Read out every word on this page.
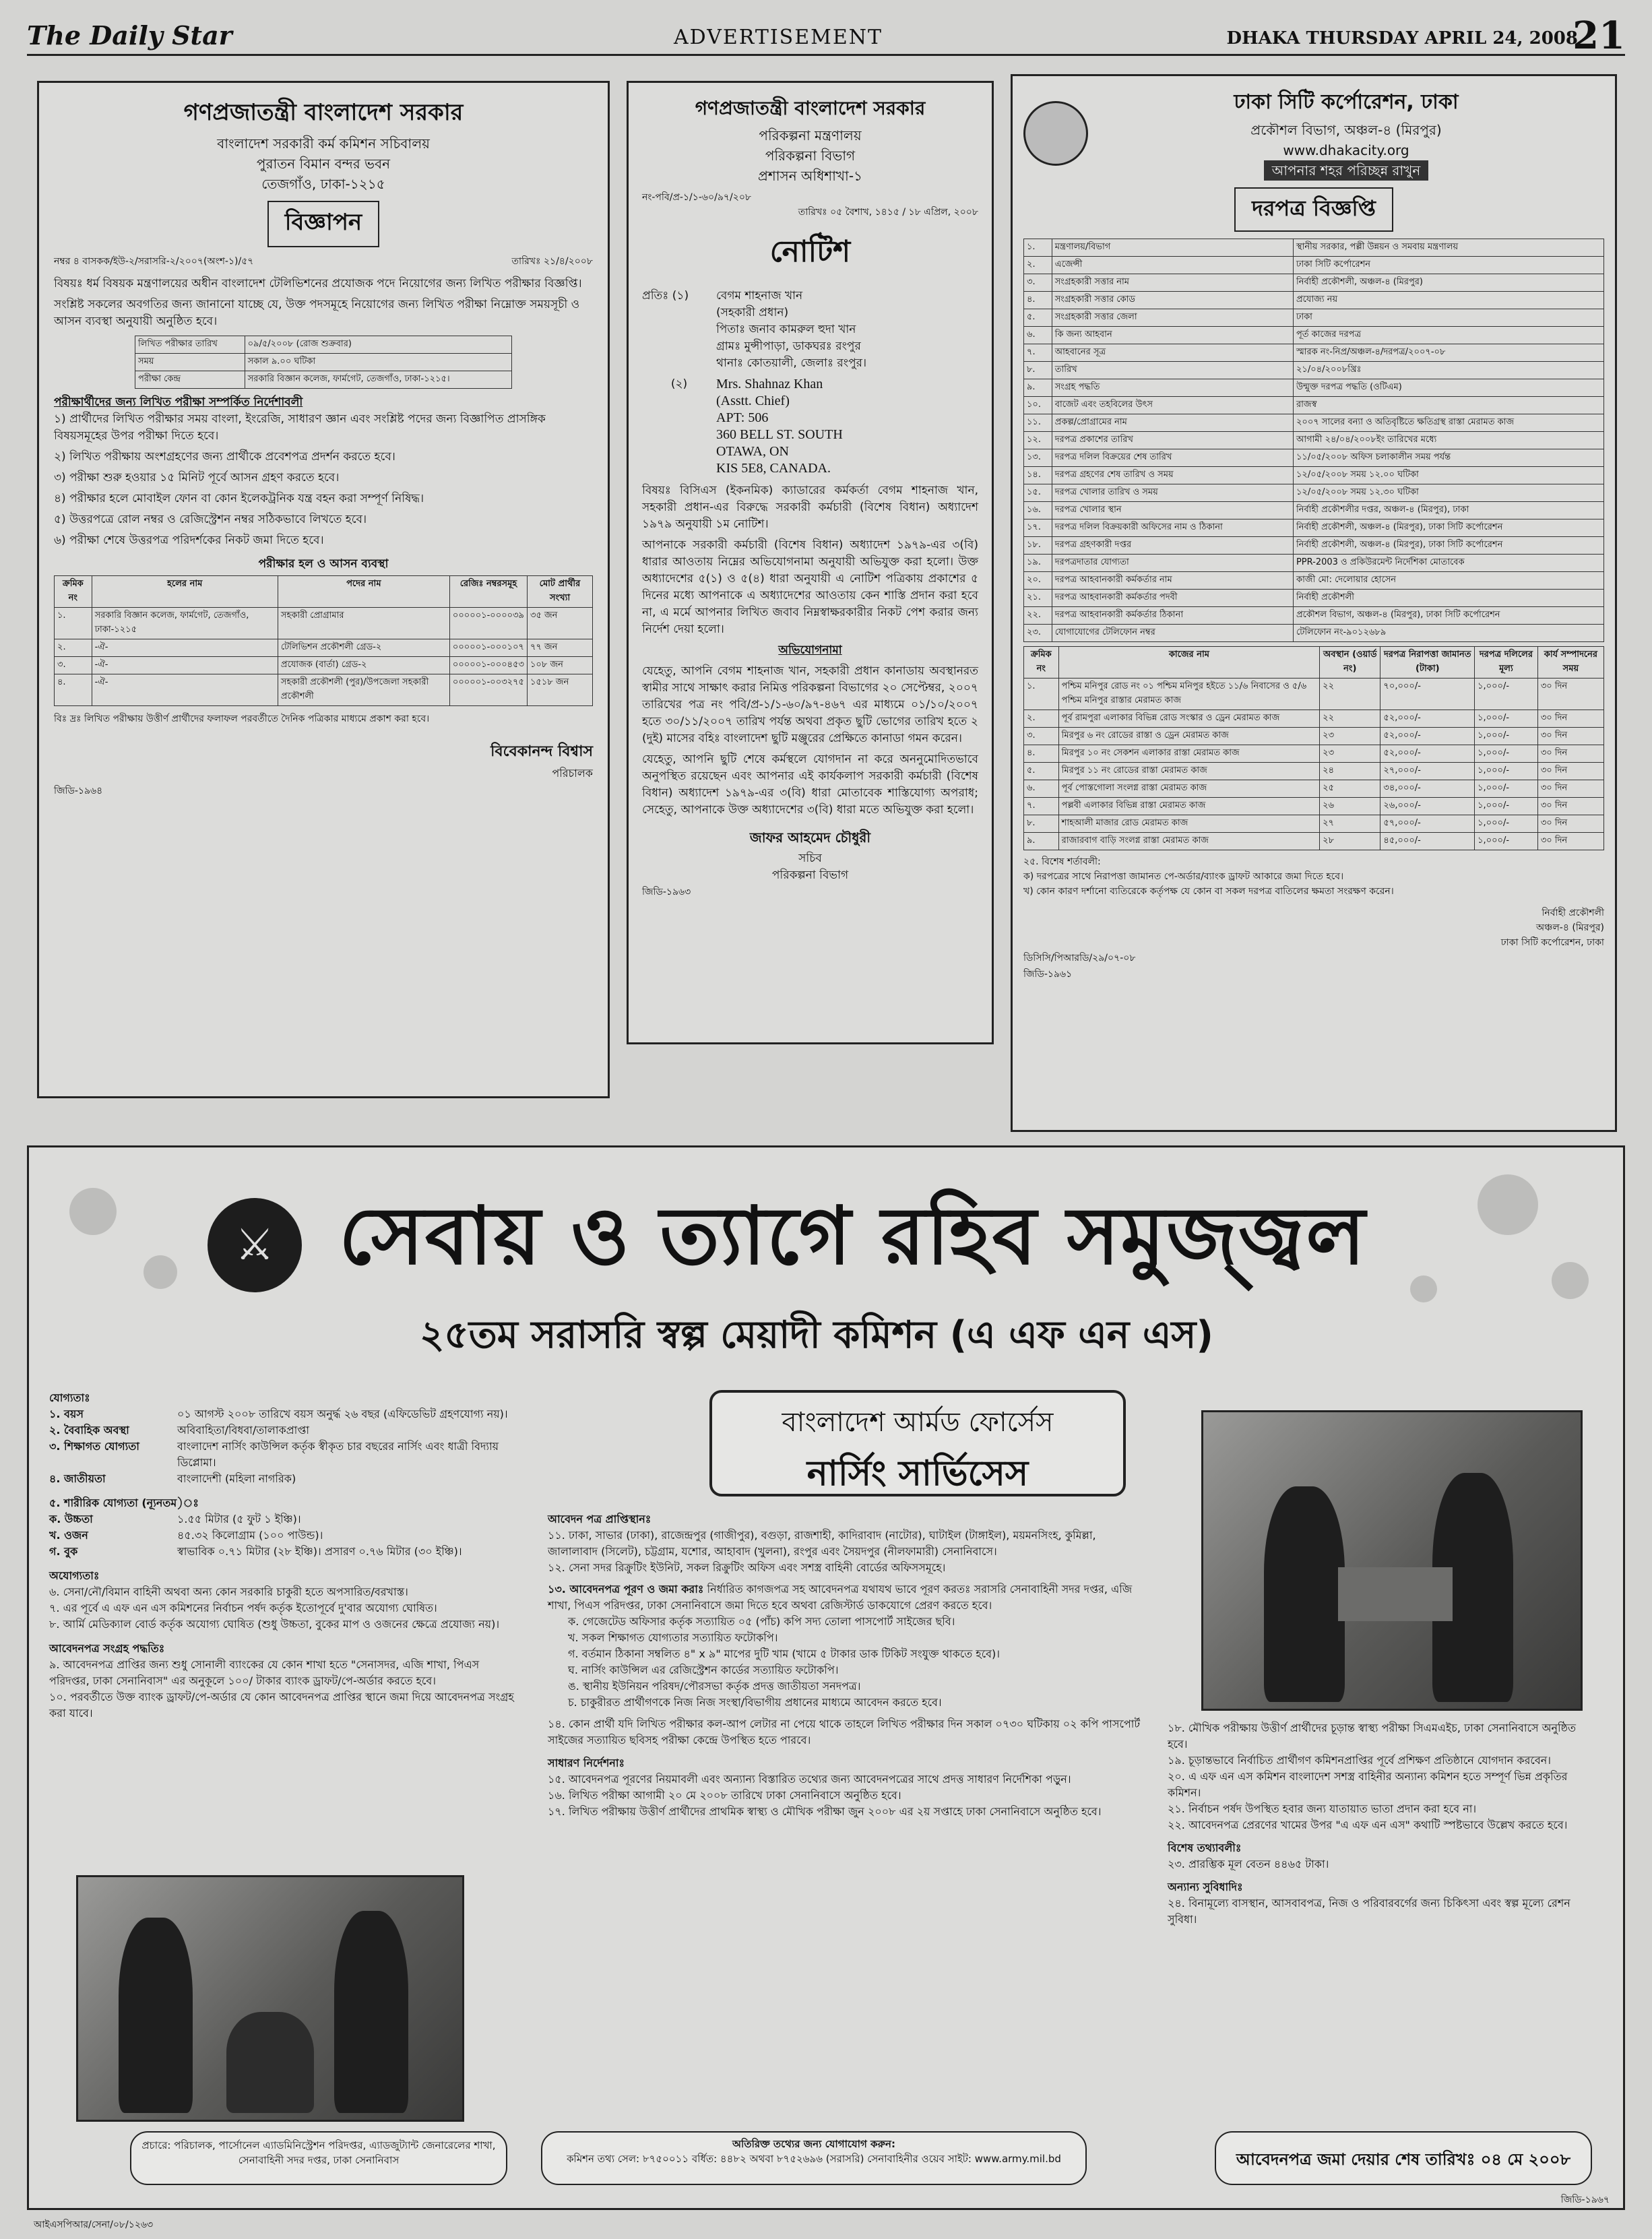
The Daily Star	ADVERTISEMENT	DHAKA THURSDAY APRIL 24, 2008
21
গণপ্রজাতন্ত্রী বাংলাদেশ সরকার
বাংলাদেশ সরকারী কর্ম কমিশন সচিবালয়
পুরাতন বিমান বন্দর ভবন
তেজগাঁও, ঢাকা-১২১৫
বিজ্ঞাপন
নম্বর ৪ বাসকক/ইউ-২/সরাসরি-২/২০০৭(অংশ-১)/৫৭	তারিখঃ ২১/৪/২০০৮

বিষয়ঃ ধর্ম বিষয়ক মন্ত্রণালয়ের অধীন বাংলাদেশ টেলিভিশনের প্রযোজক পদে নিয়োগের জন্য লিখিত পরীক্ষার বিজ্ঞপ্তি।

সংশ্লিষ্ট সকলের অবগতির জন্য জানানো যাচ্ছে যে, উক্ত পদসমূহে নিয়োগের জন্য লিখিত পরীক্ষা নিম্নোক্ত সময়সূচী ও আসন ব্যবস্থা অনুযায়ী অনুষ্ঠিত হবে।

লিখিত পরীক্ষার তারিখ	০৯/৫/২০০৮ (রোজ শুক্রবার)
সময়	সকাল ৯.০০ ঘটিকা
পরীক্ষা কেন্দ্র	সরকারি বিজ্ঞান কলেজ, ফার্মগেট, তেজগাঁও, ঢাকা-১২১৫।
পরীক্ষার্থীদের জন্য লিখিত পরীক্ষা সম্পর্কিত নির্দেশাবলী

১) প্রার্থীদের লিখিত পরীক্ষার সময় বাংলা, ইংরেজি, সাধারণ জ্ঞান এবং সংশ্লিষ্ট পদের জন্য বিজ্ঞাপিত প্রাসঙ্গিক বিষয়সমূহের উপর পরীক্ষা দিতে হবে।

২) লিখিত পরীক্ষায় অংশগ্রহণের জন্য প্রার্থীকে প্রবেশপত্র প্রদর্শন করতে হবে।

৩) পরীক্ষা শুরু হওয়ার ১৫ মিনিট পূর্বে আসন গ্রহণ করতে হবে।

৪) পরীক্ষার হলে মোবাইল ফোন বা কোন ইলেকট্রনিক যন্ত্র বহন করা সম্পূর্ণ নিষিদ্ধ।

৫) উত্তরপত্রে রোল নম্বর ও রেজিস্ট্রেশন নম্বর সঠিকভাবে লিখতে হবে।

৬) পরীক্ষা শেষে উত্তরপত্র পরিদর্শকের নিকট জমা দিতে হবে।

পরীক্ষার হল ও আসন ব্যবস্থা
ক্রমিক নং	হলের নাম	পদের নাম	রেজিঃ নম্বরসমূহ	মোট প্রার্থীর সংখ্যা
১.	সরকারি বিজ্ঞান কলেজ, ফার্মগেট, তেজগাঁও, ঢাকা-১২১৫	সহকারী প্রোগ্রামার	০০০০০১-০০০০৩৯	৩৫ জন
২.	-ঐ-	টেলিভিশন প্রকৌশলী গ্রেড-২	০০০০০১-০০০১০৭	৭৭ জন
৩.	-ঐ-	প্রযোজক (বার্তা) গ্রেড-২	০০০০০১-০০০৪৫৩	১০৮ জন
৪.	-ঐ-	সহকারী প্রকৌশলী (পুর)/উপজেলা সহকারী প্রকৌশলী	০০০০০১-০০৩২৭৫	১৫১৮ জন
বিঃ দ্রঃ লিখিত পরীক্ষায় উত্তীর্ণ প্রার্থীদের ফলাফল পরবর্তীতে দৈনিক পত্রিকার মাধ্যমে প্রকাশ করা হবে।
বিবেকানন্দ বিশ্বাস
পরিচালক
জিডি-১৯৬৪
গণপ্রজাতন্ত্রী বাংলাদেশ সরকার
পরিকল্পনা মন্ত্রণালয়
পরিকল্পনা বিভাগ
প্রশাসন অধিশাখা-১
নং-পবি/প্র-১/১-৬০/৯৭/২০৮
তারিখঃ ০৫ বৈশাখ, ১৪১৫ / ১৮ এপ্রিল, ২০০৮
নোটিশ
প্রতিঃ (১)	বেগম শাহনাজ খান
(সহকারী প্রধান)
পিতাঃ জনাব কামরুল হুদা খান
গ্রামঃ মুন্সীপাড়া, ডাকঘরঃ রংপুর
থানাঃ কোতয়ালী, জেলাঃ রংপুর।
(২)	Mrs. Shahnaz Khan
(Asstt. Chief)
APT: 506
360 BELL ST. SOUTH
OTAWA, ON
KIS 5E8, CANADA.

বিষয়ঃ বিসিএস (ইকনমিক) ক্যাডারের কর্মকর্তা বেগম শাহনাজ খান, সহকারী প্রধান-এর বিরুদ্ধে সরকারী কর্মচারী (বিশেষ বিধান) অধ্যাদেশ ১৯৭৯ অনুযায়ী ১ম নোটিশ।

আপনাকে সরকারী কর্মচারী (বিশেষ বিধান) অধ্যাদেশ ১৯৭৯-এর ৩(বি) ধারার আওতায় নিম্নের অভিযোগনামা অনুযায়ী অভিযুক্ত করা হলো। উক্ত অধ্যাদেশের ৫(১) ও ৫(৪) ধারা অনুযায়ী এ নোটিশ পত্রিকায় প্রকাশের ৫ দিনের মধ্যে আপনাকে এ অধ্যাদেশের আওতায় কেন শাস্তি প্রদান করা হবে না, এ মর্মে আপনার লিখিত জবাব নিম্নস্বাক্ষরকারীর নিকট পেশ করার জন্য নির্দেশ দেয়া হলো।

অভিযোগনামা

যেহেতু, আপনি বেগম শাহনাজ খান, সহকারী প্রধান কানাডায় অবস্থানরত স্বামীর সাথে সাক্ষাৎ করার নিমিত্ত পরিকল্পনা বিভাগের ২০ সেপ্টেম্বর, ২০০৭ তারিখের পত্র নং পবি/প্র-১/১-৬০/৯৭-৪৬৭ এর মাধ্যমে ০১/১০/২০০৭ হতে ৩০/১১/২০০৭ তারিখ পর্যন্ত অথবা প্রকৃত ছুটি ভোগের তারিখ হতে ২ (দুই) মাসের বহিঃ বাংলাদেশ ছুটি মঞ্জুরের প্রেক্ষিতে কানাডা গমন করেন।

যেহেতু, আপনি ছুটি শেষে কর্মস্থলে যোগদান না করে অননুমোদিতভাবে অনুপস্থিত রয়েছেন এবং আপনার এই কার্যকলাপ সরকারী কর্মচারী (বিশেষ বিধান) অধ্যাদেশ ১৯৭৯-এর ৩(বি) ধারা মোতাবেক শাস্তিযোগ্য অপরাধ; সেহেতু, আপনাকে উক্ত অধ্যাদেশের ৩(বি) ধারা মতে অভিযুক্ত করা হলো।

জাফর আহমেদ চৌধুরী
সচিব
পরিকল্পনা বিভাগ
জিডি-১৯৬৩
ঢাকা সিটি কর্পোরেশন, ঢাকা
প্রকৌশল বিভাগ, অঞ্চল-৪ (মিরপুর)
www.dhakacity.org
আপনার শহর পরিচ্ছন্ন রাখুন
দরপত্র বিজ্ঞপ্তি
১.	মন্ত্রণালয়/বিভাগ	স্থানীয় সরকার, পল্লী উন্নয়ন ও সমবায় মন্ত্রণালয়
২.	এজেন্সী	ঢাকা সিটি কর্পোরেশন
৩.	সংগ্রহকারী সত্তার নাম	নির্বাহী প্রকৌশলী, অঞ্চল-৪ (মিরপুর)
৪.	সংগ্রহকারী সত্তার কোড	প্রযোজ্য নয়
৫.	সংগ্রহকারী সত্তার জেলা	ঢাকা
৬.	কি জন্য আহবান	পূর্ত কাজের দরপত্র
৭.	আহবানের সূত্র	স্মারক নং-নিপ্র/অঞ্চল-৪/দরপত্র/২০০৭-০৮
৮.	তারিখ	২১/০৪/২০০৮খ্রিঃ
৯.	সংগ্রহ পদ্ধতি	উন্মুক্ত দরপত্র পদ্ধতি (ওটিএম)
১০.	বাজেট এবং তহবিলের উৎস	রাজস্ব
১১.	প্রকল্প/প্রোগ্রামের নাম	২০০৭ সালের বন্যা ও অতিবৃষ্টিতে ক্ষতিগ্রস্থ রাস্তা মেরামত কাজ
১২.	দরপত্র প্রকাশের তারিখ	আগামী ২৪/০৪/২০০৮ইং তারিখের মধ্যে
১৩.	দরপত্র দলিল বিক্রয়ের শেষ তারিখ	১১/০৫/২০০৮ অফিস চলাকালীন সময় পর্যন্ত
১৪.	দরপত্র গ্রহণের শেষ তারিখ ও সময়	১২/০৫/২০০৮ সময় ১২.০০ ঘটিকা
১৫.	দরপত্র খোলার তারিখ ও সময়	১২/০৫/২০০৮ সময় ১২.৩০ ঘটিকা
১৬.	দরপত্র খোলার স্থান	নির্বাহী প্রকৌশলীর দপ্তর, অঞ্চল-৪ (মিরপুর), ঢাকা
১৭.	দরপত্র দলিল বিক্রয়কারী অফিসের নাম ও ঠিকানা	নির্বাহী প্রকৌশলী, অঞ্চল-৪ (মিরপুর), ঢাকা সিটি কর্পোরেশন
১৮.	দরপত্র গ্রহণকারী দপ্তর	নির্বাহী প্রকৌশলী, অঞ্চল-৪ (মিরপুর), ঢাকা সিটি কর্পোরেশন
১৯.	দরপত্রদাতার যোগ্যতা	PPR-2003 ও প্রকিউরমেন্ট নির্দেশিকা মোতাবেক
২০.	দরপত্র আহবানকারী কর্মকর্তার নাম	কাজী মো: দেলোয়ার হোসেন
২১.	দরপত্র আহবানকারী কর্মকর্তার পদবী	নির্বাহী প্রকৌশলী
২২.	দরপত্র আহবানকারী কর্মকর্তার ঠিকানা	প্রকৌশল বিভাগ, অঞ্চল-৪ (মিরপুর), ঢাকা সিটি কর্পোরেশন
২৩.	যোগাযোগের টেলিফোন নম্বর	টেলিফোন নং-৯০১২৬৮৯
ক্রমিক নং	কাজের নাম	অবস্থান (ওয়ার্ড নং)	দরপত্র নিরাপত্তা জামানত (টাকা)	দরপত্র দলিলের মূল্য	কার্য সম্পাদনের সময়
১.	পশ্চিম মনিপুর রোড নং ০১ পশ্চিম মনিপুর হইতে ১১/৬ নিবাসের ও ৫/৬ পশ্চিম মনিপুর রাস্তার মেরামত কাজ	২২	৭০,০০০/-	১,০০০/-	৩০ দিন
২.	পূর্ব রামপুরা এলাকার বিভিন্ন রোড সংস্কার ও ড্রেন মেরামত কাজ	২২	৫২,০০০/-	১,০০০/-	৩০ দিন
৩.	মিরপুর ৬ নং রোডের রাস্তা ও ড্রেন মেরামত কাজ	২৩	৫২,০০০/-	১,০০০/-	৩০ দিন
৪.	মিরপুর ১০ নং সেকশন এলাকার রাস্তা মেরামত কাজ	২৩	৫২,০০০/-	১,০০০/-	৩০ দিন
৫.	মিরপুর ১১ নং রোডের রাস্তা মেরামত কাজ	২৪	২৭,০০০/-	১,০০০/-	৩০ দিন
৬.	পূর্ব পোস্তগোলা সংলগ্ন রাস্তা মেরামত কাজ	২৫	৩৪,০০০/-	১,০০০/-	৩০ দিন
৭.	পল্লবী এলাকার বিভিন্ন রাস্তা মেরামত কাজ	২৬	২৬,০০০/-	১,০০০/-	৩০ দিন
৮.	শাহআলী মাজার রোড মেরামত কাজ	২৭	৫৭,০০০/-	১,০০০/-	৩০ দিন
৯.	রাজারবাগ বাড়ি সংলগ্ন রাস্তা মেরামত কাজ	২৮	৪৫,০০০/-	১,০০০/-	৩০ দিন
২৫. বিশেষ শর্তাবলী:
ক) দরপত্রের সাথে নিরাপত্তা জামানত পে-অর্ডার/ব্যাংক ড্রাফট আকারে জমা দিতে হবে।
খ) কোন কারণ দর্শানো ব্যতিরেকে কর্তৃপক্ষ যে কোন বা সকল দরপত্র বাতিলের ক্ষমতা সংরক্ষণ করেন।
নির্বাহী প্রকৌশলী
অঞ্চল-৪ (মিরপুর)
ঢাকা সিটি কর্পোরেশন, ঢাকা
ডিসিসি/পিআরডি/২৯/০৭-০৮
জিডি-১৯৬১
⚔ সেবায় ও ত্যাগে রহিব সমুজ্জ্বল
২৫তম সরাসরি স্বল্প মেয়াদী কমিশন (এ এফ এন এস)
বাংলাদেশ আর্মড ফোর্সেস
নার্সিং সার্ভিসেস
যোগ্যতাঃ
১. বয়স	০১ আগস্ট ২০০৮ তারিখে বয়স অনুর্দ্ধ ২৬ বছর (এফিডেভিট গ্রহণযোগ্য নয়)।
২. বৈবাহিক অবস্থা	অবিবাহিতা/বিধবা/তালাকপ্রাপ্তা
৩. শিক্ষাগত যোগ্যতা	বাংলাদেশ নার্সিং কাউন্সিল কর্তৃক স্বীকৃত চার বছরের নার্সিং এবং ধাত্রী বিদ্যায় ডিপ্লোমা।
৪. জাতীয়তা	বাংলাদেশী (মহিলা নাগরিক)
৫. শারীরিক যোগ্যতা (ন্যূনতম)ঃ
ক. উচ্চতা	১.৫৫ মিটার (৫ ফুট ১ ইঞ্চি)।
খ. ওজন	৪৫.৩২ কিলোগ্রাম (১০০ পাউন্ড)।
গ. বুক	স্বাভাবিক ০.৭১ মিটার (২৮ ইঞ্চি)। প্রসারণ ০.৭৬ মিটার (৩০ ইঞ্চি)।
অযোগ্যতাঃ
৬. সেনা/নৌ/বিমান বাহিনী অথবা অন্য কোন সরকারি চাকুরী হতে অপসারিত/বরখাস্ত।
৭. এর পূর্বে এ এফ এন এস কমিশনের নির্বাচন পর্ষদ কর্তৃক ইতোপূর্বে দু'বার অযোগ্য ঘোষিত।
৮. আর্মি মেডিক্যাল বোর্ড কর্তৃক অযোগ্য ঘোষিত (শুধু উচ্চতা, বুকের মাপ ও ওজনের ক্ষেত্রে প্রযোজ্য নয়)।
আবেদনপত্র সংগ্রহ পদ্ধতিঃ
৯. আবেদনপত্র প্রাপ্তির জন্য শুধু সোনালী ব্যাংকের যে কোন শাখা হতে "সেনাসদর, এজি শাখা, পিএস পরিদপ্তর, ঢাকা সেনানিবাস" এর অনুকূলে ১০০/ টাকার ব্যাংক ড্রাফট/পে-অর্ডার করতে হবে।
১০. পরবর্তীতে উক্ত ব্যাংক ড্রাফট/পে-অর্ডার যে কোন আবেদনপত্র প্রাপ্তির স্থানে জমা দিয়ে আবেদনপত্র সংগ্রহ করা যাবে।
আবেদন পত্র প্রাপ্তিস্থানঃ
১১. ঢাকা, সাভার (ঢাকা), রাজেন্দ্রপুর (গাজীপুর), বগুড়া, রাজশাহী, কাদিরাবাদ (নাটোর), ঘাটাইল (টাঙ্গাইল), ময়মনসিংহ, কুমিল্লা, জালালাবাদ (সিলেট), চট্টগ্রাম, যশোর, আহাবাদ (খুলনা), রংপুর এবং সৈয়দপুর (নীলফামারী) সেনানিবাসে।
১২. সেনা সদর রিক্রুটিং ইউনিট, সকল রিক্রুটিং অফিস এবং সশস্ত্র বাহিনী বোর্ডের অফিসসমূহে।
১৩. আবেদনপত্র পূরণ ও জমা করাঃ নির্ধারিত কাগজপত্র সহ আবেদনপত্র যথাযথ ভাবে পূরণ করতঃ সরাসরি সেনাবাহিনী সদর দপ্তর, এজি শাখা, পিএস পরিদপ্তর, ঢাকা সেনানিবাসে জমা দিতে হবে অথবা রেজিস্টার্ড ডাকযোগে প্রেরণ করতে হবে।
ক. গেজেটেড অফিসার কর্তৃক সত্যায়িত ০৫ (পাঁচ) কপি সদ্য তোলা পাসপোর্ট সাইজের ছবি।
খ. সকল শিক্ষাগত যোগ্যতার সত্যায়িত ফটোকপি।
গ. বর্তমান ঠিকানা সম্বলিত ৪" x ৯" মাপের দুটি খাম (খামে ৫ টাকার ডাক টিকিট সংযুক্ত থাকতে হবে)।
ঘ. নার্সিং কাউন্সিল এর রেজিস্ট্রেশন কার্ডের সত্যায়িত ফটোকপি।
ঙ. স্থানীয় ইউনিয়ন পরিষদ/পৌরসভা কর্তৃক প্রদত্ত জাতীয়তা সনদপত্র।
চ. চাকুরীরত প্রার্থীগণকে নিজ নিজ সংস্থা/বিভাগীয় প্রধানের মাধ্যমে আবেদন করতে হবে।
১৪. কোন প্রার্থী যদি লিখিত পরীক্ষার কল-আপ লেটার না পেয়ে থাকে তাহলে লিখিত পরীক্ষার দিন সকাল ০৭৩০ ঘটিকায় ০২ কপি পাসপোর্ট সাইজের সত্যায়িত ছবিসহ পরীক্ষা কেন্দ্রে উপস্থিত হতে পারবে।
সাধারণ নির্দেশনাঃ
১৫. আবেদনপত্র পূরণের নিয়মাবলী এবং অন্যান্য বিস্তারিত তথ্যের জন্য আবেদনপত্রের সাথে প্রদত্ত সাধারণ নির্দেশিকা পড়ুন।
১৬. লিখিত পরীক্ষা আগামী ২০ মে ২০০৮ তারিখে ঢাকা সেনানিবাসে অনুষ্ঠিত হবে।
১৭. লিখিত পরীক্ষায় উত্তীর্ণ প্রার্থীদের প্রাথমিক স্বাস্থ্য ও মৌখিক পরীক্ষা জুন ২০০৮ এর ২য় সপ্তাহে ঢাকা সেনানিবাসে অনুষ্ঠিত হবে।
১৮. মৌখিক পরীক্ষায় উত্তীর্ণ প্রার্থীদের চূড়ান্ত স্বাস্থ্য পরীক্ষা সিএমএইচ, ঢাকা সেনানিবাসে অনুষ্ঠিত হবে।
১৯. চূড়ান্তভাবে নির্বাচিত প্রার্থীগণ কমিশনপ্রাপ্তির পূর্বে প্রশিক্ষণ প্রতিষ্ঠানে যোগদান করবেন।
২০. এ এফ এন এস কমিশন বাংলাদেশ সশস্ত্র বাহিনীর অন্যান্য কমিশন হতে সম্পূর্ণ ভিন্ন প্রকৃতির কমিশন।
২১. নির্বাচন পর্ষদ উপস্থিত হবার জন্য যাতায়াত ভাতা প্রদান করা হবে না।
২২. আবেদনপত্র প্রেরণের খামের উপর "এ এফ এন এস" কথাটি স্পষ্টভাবে উল্লেখ করতে হবে।
বিশেষ তথ্যাবলীঃ
২৩. প্রারম্ভিক মূল বেতন ৪৪৬৫ টাকা।
অন্যান্য সুবিধাদিঃ
২৪. বিনামূল্যে বাসস্থান, আসবাবপত্র, নিজ ও পরিবারবর্গের জন্য চিকিৎসা এবং স্বল্প মূল্যে রেশন সুবিধা।
প্রচারে: পরিচালক, পার্সোনেল এ্যাডমিনিস্ট্রেশন পরিদপ্তর, এ্যাডজুট্যান্ট জেনারেলের শাখা, সেনাবাহিনী সদর দপ্তর, ঢাকা সেনানিবাস
অতিরিক্ত তথ্যের জন্য যোগাযোগ করুন:
কমিশন তথ্য সেল: ৮৭৫০০১১ বর্ধিত: ৪৪৮২ অথবা ৮৭৫২৬৯৬ (সরাসরি) সেনাবাহিনীর ওয়েব সাইট: www.army.mil.bd	আবেদনপত্র জমা দেয়ার শেষ তারিখঃ ০৪ মে ২০০৮
জিডি-১৯৬৭
আইএসপিআর/সেনা/০৮/১২৬৩
